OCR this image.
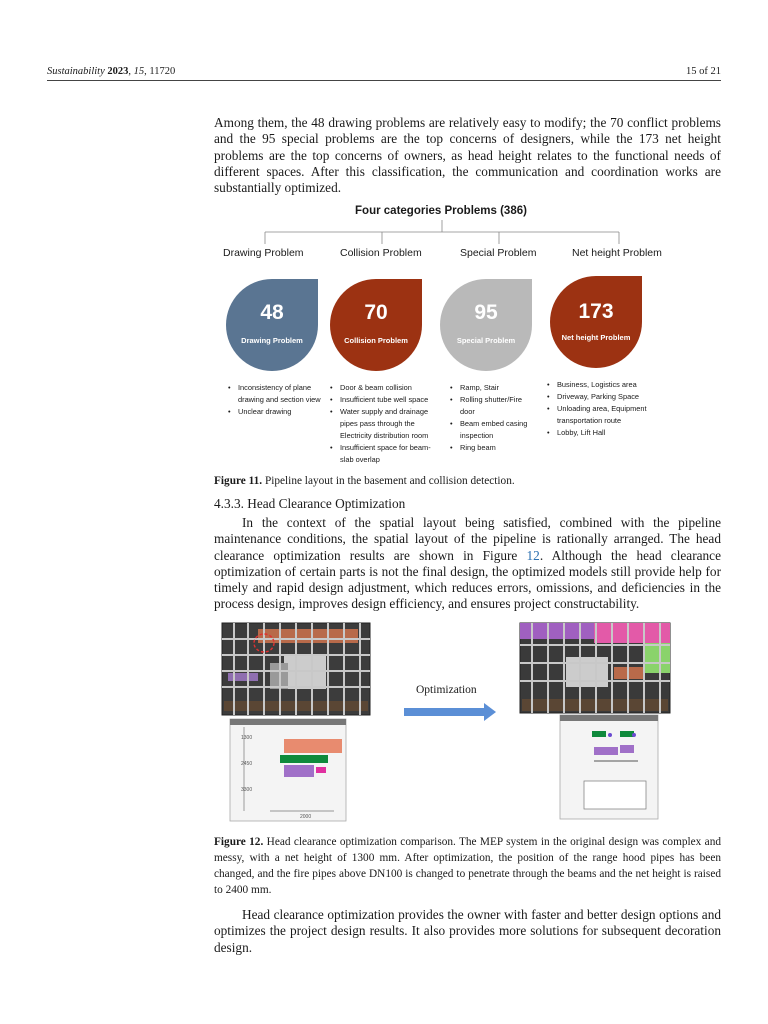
Sustainability 2023, 15, 11720	15 of 21

Among them, the 48 drawing problems are relatively easy to modify; the 70 conflict problems and the 95 special problems are the top concerns of designers, while the 173 net height problems are the top concerns of owners, as head height relates to the functional needs of different spaces. After this classification, the communication and coordination works are substantially optimized.

Four categories Problems (386)
Drawing Problem	Collision Problem	Special Problem	Net height Problem
48
Drawing Problem
70
Collision Problem
95
Special Problem
173
Net height Problem
• Inconsistency of plane drawing and section view
• Unclear drawing
• Door & beam collision
• Insufficient tube well space
• Water supply and drainage pipes pass through the Electricity distribution room
• Insufficient space for beam-slab overlap
• Ramp, Stair
• Rolling shutter/Fire door
• Beam embed casing inspection
• Ring beam
• Business, Logistics area
• Driveway, Parking Space
• Unloading area, Equipment transportation route
• Lobby, Lift Hall

Figure 11. Pipeline layout in the basement and collision detection.

4.3.3. Head Clearance Optimization

In the context of the spatial layout being satisfied, combined with the pipeline maintenance conditions, the spatial layout of the pipeline is rationally arranged. The head clearance optimization results are shown in Figure 12. Although the head clearance optimization of certain parts is not the final design, the optimized models still provide help for timely and rapid design adjustment, which reduces errors, omissions, and deficiencies in the process design, improves design efficiency, and ensures project constructability.

1300
2450
3300
2000
Optimization

Figure 12. Head clearance optimization comparison. The MEP system in the original design was complex and messy, with a net height of 1300 mm. After optimization, the position of the range hood pipes has been changed, and the fire pipes above DN100 is changed to penetrate through the beams and the net height is raised to 2400 mm.

Head clearance optimization provides the owner with faster and better design options and optimizes the project design results. It also provides more solutions for subsequent decoration design.
